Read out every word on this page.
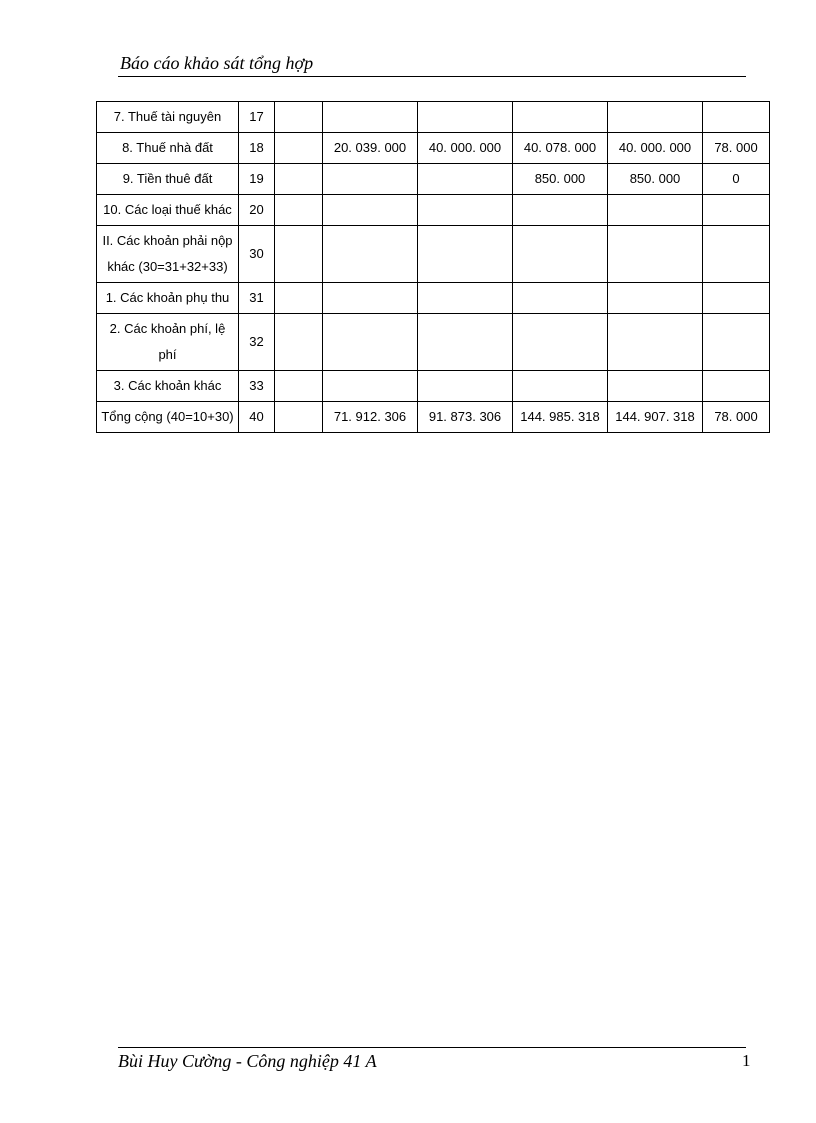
Báo cáo khảo sát tổng hợp
7. Thuế tài nguyên	17						
8. Thuế nhà đất	18		20. 039. 000	40. 000. 000	40. 078. 000	40. 000. 000	78. 000
9. Tiền thuê đất	19				850. 000	850. 000	0
10. Các loại thuế khác	20						
II. Các khoản phải nộp khác (30=31+32+33)	30						
1. Các khoản phụ thu	31						
2. Các khoản phí, lệ phí	32						
3. Các khoản khác	33						
Tổng cộng (40=10+30)	40		71. 912. 306	91. 873. 306	144. 985. 318	144. 907. 318	78. 000
Bùi Huy Cường - Công nghiệp 41 A	1
